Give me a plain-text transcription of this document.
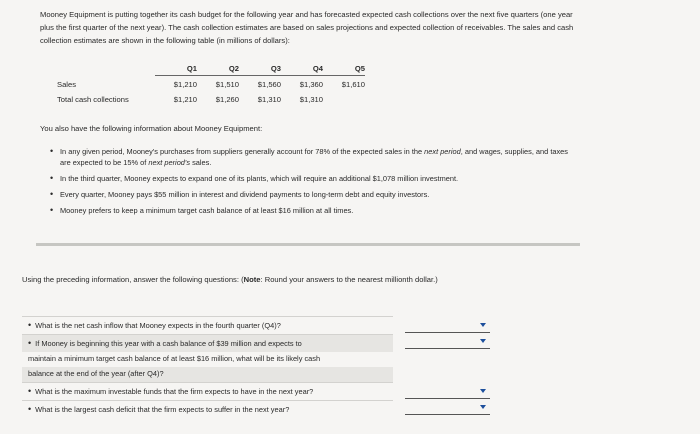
Mooney Equipment is putting together its cash budget for the following year and has forecasted expected cash collections over the next five quarters (one year plus the first quarter of the next year). The cash collection estimates are based on sales projections and expected collection of receivables. The sales and cash collection estimates are shown in the following table (in millions of dollars):
	Q1	Q2	Q3	Q4	Q5
Sales	$1,210	$1,510	$1,560	$1,360	$1,610
Total cash collections	$1,210	$1,260	$1,310	$1,310	
You also have the following information about Mooney Equipment:
• In any given period, Mooney's purchases from suppliers generally account for 78% of the expected sales in the next period, and wages, supplies, and taxes are expected to be 15% of next period's sales.
• In the third quarter, Mooney expects to expand one of its plants, which will require an additional $1,078 million investment.
• Every quarter, Mooney pays $55 million in interest and dividend payments to long-term debt and equity investors.
• Mooney prefers to keep a minimum target cash balance of at least $16 million at all times.
Using the preceding information, answer the following questions: (Note: Round your answers to the nearest millionth dollar.)
• What is the net cash inflow that Mooney expects in the fourth quarter (Q4)?
• If Mooney is beginning this year with a cash balance of $39 million and expects to
maintain a minimum target cash balance of at least $16 million, what will be its likely cash
balance at the end of the year (after Q4)?
• What is the maximum investable funds that the firm expects to have in the next year?
• What is the largest cash deficit that the firm expects to suffer in the next year?
